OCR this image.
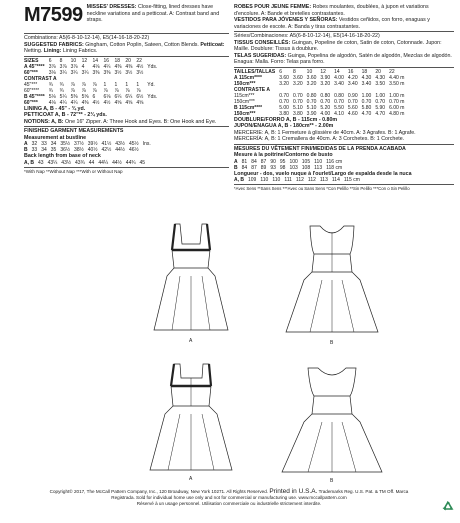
M7599 MISSES' DRESSES: Close-fitting, lined dresses have neckline variations and a petticoat. A: Contrast band and straps.
Combinations: A5(6-8-10-12-14), E5(14-16-18-20-22)
SUGGESTED FABRICS: Gingham, Cotton Poplin, Sateen, Cotton Blends. Petticoat: Netting. Lining: Lining Fabrics.
SIZES	6	8	10	12	14	16	18	20	22	
A 45"****	3⅞	3⅞	3⅞	4	4⅛	4¼	4⅜	4⅜	4½	Yds.
60"***	3⅛	3¼	3¼	3¼	3⅜	3⅜	3½	3½	3½	
CONTRAST A										
45"***	¾	¾	⅞	⅞	⅞	1	1	1	1	Yd.
60"****	¾	¾	⅞	⅞	⅞	⅞	⅞	⅞	⅞	
B 45"****	5⅛	5¼	5⅜	5⅝	6	6⅛	6¼	6¼	6½	Yds.
60"***	4⅛	4¼	4¼	4⅜	4½	4½	4⅝	4⅝	4⅝	
LINING A, B - 45" - ¾ yd.
PETTICOAT A, B - 72"** - 2¾ yds.
NOTIONS: A, B: One 16" Zipper. A: Three Hook and Eyes. B: One Hook and Eye.
FINISHED GARMENT MEASUREMENTS
Measurement at bustline
A	32	33	34	35½	37½	39½	41½	43½	45½	Ins.
B	33	34	35	36½	38½	40½	42½	44½	46½	
Back length from base of neck
A, B	43	43¼	43½	43¾	44	44¼	44½	44¾	45	
*With Nap **Without Nap ***With or Without Nap
ROBES POUR JEUNE FEMME: Robes moulantes, doublées, à jupon et variations d'encolure. A: Bande et bretelles contrastantes.
VESTIDOS PARA JÓVENES Y SEÑORAS: Vestidos ceñidos, con forro, enaguas y variaciones de escote. A: Banda y tiras contrastantes.
Séries/Combinaciones: A5(6-8-10-12-14), E5(14-16-18-20-22)
TISSUS CONSEILLÉS: Guingan, Popeline de coton, Satin de coton, Cotonnade. Jupon: Maille. Doublure: Tissus à doublure.
TELAS SUGERIDAS: Guinga, Popelina de algodón, Satén de algodón, Mezclas de algodón. Enagua: Malla. Forro: Telas para forro.
TAILLES/TALLAS	6	8	10	12	14	16	18	20	22
A 115cm****	3.60	3.60	3.60	3.90	4.00	4.20	4.30	4.30	4.40 m
150cm***	3.20	3.20	3.20	3.20	3.40	3.40	3.40	3.50	3.50 m
CONTRASTE A									
115cm***	0.70	0.70	0.80	0.80	0.80	0.90	1.00	1.00	1.00 m
150cm***	0.70	0.70	0.70	0.70	0.70	0.70	0.70	0.70	0.70 m
B 115cm****	5.00	5.10	5.10	5.20	5.50	5.60	5.80	5.90	6.00 m
150cm***	3.80	3.80	3.90	4.00	4.10	4.60	4.70	4.70	4.80 m
DOUBLURE/FORRO A, B - 115cm - 0.80m
JUPON/ENAGUA A, B - 180cm** - 2.00m
MERCERIE: A, B: 1 Fermeture à glissière de 40cm. A: 3 Agrafes. B: 1 Agrafe.
MERCERÍA: A, B: 1 Cremallera de 40cm. A: 3 Corchetes. B: 1 Corchete.
MESURES DU VÊTEMENT FINI/MEDIDAS DE LA PRENDA ACABADA
Mesure à la poitrine/Contorno de busto
A	81	84	87	90	95	100	105	110	116 cm
B	84	87	89	93	98	103	108	113	118 cm
Longueur - dos, vuelo nuque à l'ourlet/Largo de espalda desde la nuca
A, B	109	110	110	111	112	112	113	114	115 cm
*Avec Sens **Sans Sens ***Avec ou Sans Sens *Con Pelillo **Sin Pelillo ***Con o Sin Pelillo
A	B
A	B
Copyright© 2017, The McCall Pattern Company, Inc., 120 Broadway, New York 10271. All Rights Reserved. Printed in U.S.A. Trademarks Reg. U.S. Pat. & TM Off. Marca
Registrada. Sold for individual home use only and not for commercial or manufacturing use. www.mccallpattern.com
Réservé à un usage personnel. Utilisation commerciale ou industrielle strictement interdite.
